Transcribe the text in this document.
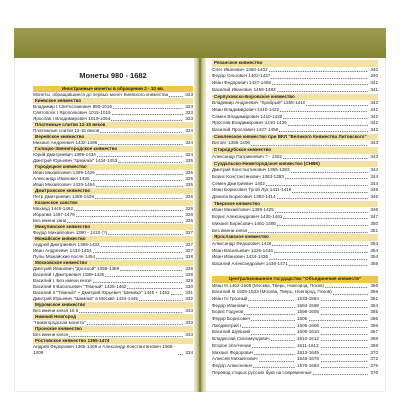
Монеты 980 - 1682
Иностранные монеты в обращении 2 - 10 вв.
Монеты, обращавшиеся до первых монет Киевского княжества	323
Киевское княжество
Владимир I Святославович 980-1015	323
Святополк I Ярополкович 1015-1019	323
Ярослав I Владимирович 1019-1054	323
Платежные слитки 12-15 веков
Платежные слитки 12-15 веков	324
Верейское княжество
Михаил Андреевич 1432-1486	324
Галицко-Звенигородское княжество
Юрий Дмитриевич 1389-1434	324
Дмитрий Юрьевич "Шемяка" 1434-1453	325
Городецкое княжество
Иван Михайлович 1399-1425	325
Александр Иванович 1425	325
Иван Михайлович 1425-1454	325
Дмитровское княжество
Петр Дмитриевич 1389-1428	326
Казанское ханство
Махмуд 1445-1462	326
Ибрагим 1467-1479	326
Без имени хана	326
Микулинское княжество
Федор Михайлович 1390 - 1410 (?)	327
Можайское княжество
Андрей Дмитриевич 1389-1432	327
Иван Андреевич 1432-1454	327
Пулы Можайские после 1454	328
Московское княжество
Дмитрий Иванович "Донской" 1359-1389	328
Василий I Дмитриевич 1389-1425	328
Василий I. Без имени князя	329
Василий II Васильевич "Темный" 1425-1462	330
Василий II "Темный" + Дмитрий Юрьевич "Шемяка" 1446 + 1453	331
Дмитрий Юрьевич "Шемяка" в Москве 1434-1445	332
Муромское княжество
Без имени князя 15 в	333
Нижний Новгород
"Нижегородская монета"	333
Пронское княжество
Без имени князя	333
Ростовское княжество 1365-1474
Андрей Федорович 1365-1409 и Александр Константинович 1365-1409	334
Рязанское княжество
Олег Иванович 1350-1402	340
Федор Ольгович 1402-1427	340
Иван Федорович 1427-1456	341
Василий Иванович 1456-1483	341
Серпуховско-Боровское княжество
Владимир Андреевич "Храбрый" 1358-1410	342
Иван Владимирович 1410-1422	342
Семен Владимирович 1410-1426	342
Ярослав Владимирович 1410-1426	342
Василий Ярославич 1427-1456	342
Смоленское княжество при ВКЛ "Великого Княжества Литовского"
Витовт 1395-1406	343
Стародубское княжество
Александр Патрикеевич ? - 1402	343
Суздальско-Нижегородское княжество (СНВК)
Дмитрий Константинович 1365-1383	344
Борис Константинович 1383-1393	344
Семен Дмитриевич 1402	344
Иван Борисович Тугой Лук 1411-1418	345
Данила Борисович 1393-1414	345
Тверское княжество
Иван Михайлович 1399-1425	346
Борис Александрович 1425-1461	347
Михаил Борисович 1461-1485	350
Без имени князя	351
Ярославское княжество
Александр Федорович 1426	354
Иван Васильевич 1426-1434	354
Иван Иванович 1434-1436	354
Василий Александрович 1436-1471	355
Централизованное государство "Объединение княжеств"
Иван III 1462-1505 (Москва, Тверь, Новгород, Псков)	356
Василий III 1505-1533 (Москва, Тверь, Новгород, Псков)	359
Иван IV Грозный	1533-1584	361
Федор Иванович	1584-1598	364
Борис Годунов	1598-1605	365
Федор Борисович	1605	366
Лжедмитрий I	1605-1606	366
Василий Шуйский	1606-1610	367
Владислав Сигизмундович	1610-1612	368
Второе ополчение	1611-1613	369
Михаил Федорович	1613-1645	370
Алексей Михайлович	1645-1676	372
Федор Алексеевич	1676-1682	375
Перевод старых русских букв на современные	376
